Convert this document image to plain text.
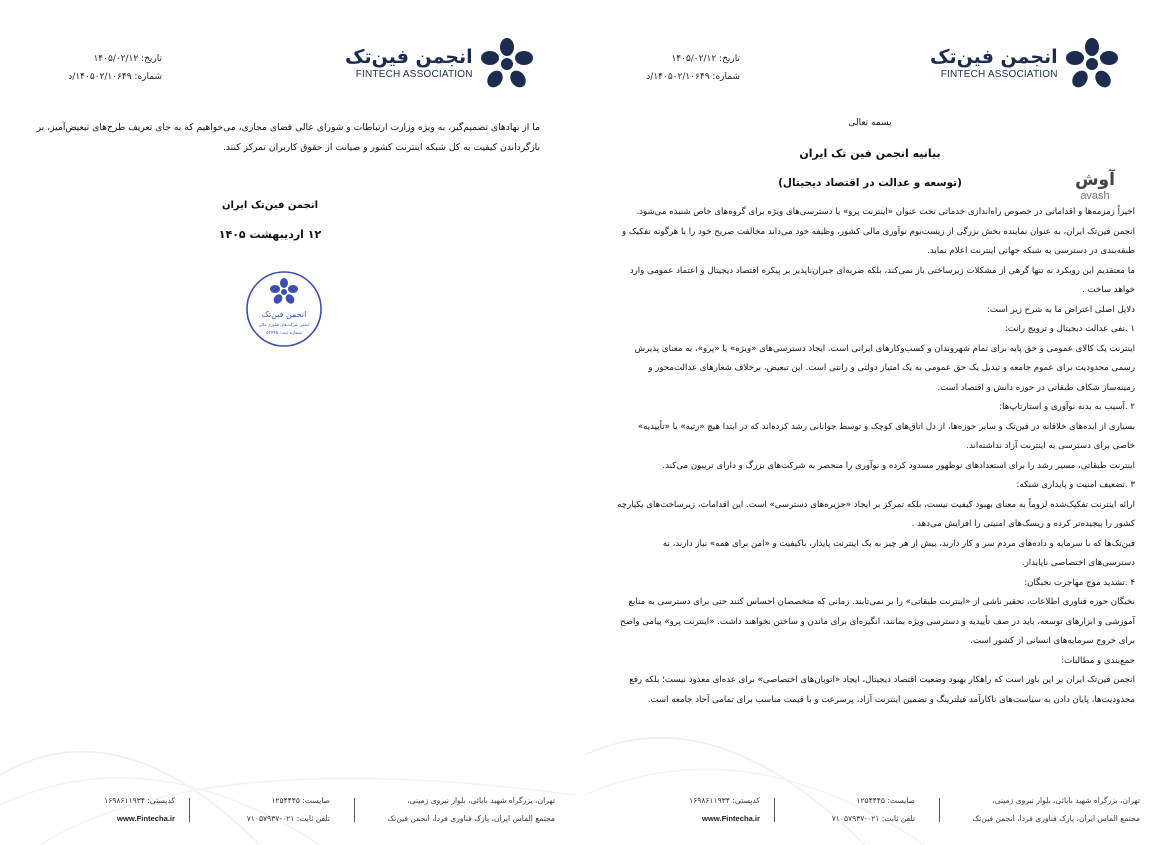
انجمن فین‌تک
FINTECH ASSOCIATION
تاریخ: ۱۴۰۵/۰۲/۱۲
شماره: ۱۴۰۵۰۲/۱۰۶۴۹/د
ما از نهادهای تصمیم‌گیر، به ویژه وزارت ارتباطات و شورای عالی فضای مجازی، می‌خواهیم که به جای تعریف طرح‌های تبعیض‌آمیز، بر بازگرداندن کیفیت به کل شبکه اینترنت کشور و صیانت از حقوق کاربران تمرکز کنند.
انجمن فین‌تک ایران
۱۲ اردیبهشت ۱۴۰۵
انجمن فین‌تک
انجمن شرکت‌های فناوری مالی
شماره ثبت: ۵۳۴۴۵
تهران، بزرگراه شهید بابائی، بلوار نیروی زمینی،
مجتمع الماس ایران، پارک فناوری فردا، انجمن فین‌تک
صایست: ۱۲۵۴۴۴۵
تلفن ثابت: ۰۲۱-۷۱۰۵۷۹۳۷
کدپستی: ۱۶۹۸۶۱۱۹۳۴
www.Fintecha.ir
انجمن فین‌تک
FINTECH ASSOCIATION
تاریخ: ۱۴۰۵/۰۲/۱۲
شماره: ۱۴۰۵۰۲/۱۰۶۴۹/د
بسمه تعالی
بیانیه انجمن فین تک ایران
(توسعه و عدالت در اقتصاد دیجیتال)	آوش
avash

اخیراً زمزمه‌ها و اقداماتی در خصوص راه‌اندازی خدماتی تحت عنوان «اینترنت پرو» یا دسترسی‌های ویژه برای گروه‌های خاص شنیده می‌شود.

انجمن فین‌تک ایران، به عنوان نماینده بخش بزرگی از زیست‌بوم نوآوری مالی کشور، وظیفه خود می‌داند مخالفت صریح خود را با هرگونه تفکیک و طبقه‌بندی در دسترسی به شبکه جهانی اینترنت اعلام نماید.

ما معتقدیم این رویکرد نه تنها گرهی از مشکلات زیرساختی باز نمی‌کند، بلکه ضربه‌ای جبران‌ناپذیر بر پیکره اقتصاد دیجیتال و اعتماد عمومی وارد خواهد ساخت .

دلایل اصلی اعتراض ما به شرح زیر است:

۱ .نفی عدالت دیجیتال و ترویج رانت:

اینترنت یک کالای عمومی و حق پایه برای تمام شهروندان و کسب‌وکارهای ایرانی است. ایجاد دسترسی‌های «ویژه» یا «پرو»، به معنای پذیرش رسمی محدودیت برای عموم جامعه و تبدیل یک حق عمومی به یک امتیاز دولتی و رانتی است. این تبعیض، برخلاف شعارهای عدالت‌محور و زمینه‌ساز شکاف طبقاتی در حوزه دانش و اقتصاد است.

۲ .آسیب به بدنه نوآوری و استارتاپ‌ها:

بسیاری از ایده‌های خلاقانه در فین‌تک و سایر حوزه‌ها، از دل اتاق‌های کوچک و توسط جوانانی رشد کرده‌اند که در ابتدا هیچ «رتبه» یا «تأییدیه» خاصی برای دسترسی به اینترنت آزاد نداشته‌اند.

اینترنت طبقاتی، مسیر رشد را برای استعدادهای نوظهور مسدود کرده و نوآوری را منحصر به شرکت‌های بزرگ و دارای تریبون می‌کند.

۳ .تضعیف امنیت و پایداری شبکه:

ارائه اینترنت تفکیک‌شده لزوماً به معنای بهبود کیفیت نیست، بلکه تمرکز بر ایجاد «جزیره‌های دسترسی» است. این اقدامات، زیرساخت‌های یکپارچه کشور را پیچیده‌تر کرده و ریسک‌های امنیتی را افزایش می‌دهد .

فین‌تک‌ها که با سرمایه و داده‌های مردم سر و کار دارند، بیش از هر چیز به یک اینترنت پایدار، باکیفیت و «امن برای همه» نیاز دارند، نه دسترسی‌های اختصاصی ناپایدار.

۴ .تشدید موج مهاجرت نخبگان:

نخبگان حوزه فناوری اطلاعات، تحقیر ناشی از «اینترنت طبقاتی» را بر نمی‌تابند. زمانی که متخصصان احساس کنند حتی برای دسترسی به منابع آموزشی و ابزارهای توسعه، باید در صف تأییدیه و دسترسی ویژه بمانند، انگیزه‌ای برای ماندن و ساختن نخواهند داشت. «اینترنت پرو» پیامی واضح برای خروج سرمایه‌های انسانی از کشور است.

جمع‌بندی و مطالبات:

انجمن فین‌تک ایران بر این باور است که راهکار بهبود وضعیت اقتصاد دیجیتال، ایجاد «اتوبان‌های اختصاصی» برای عده‌ای معدود نیست؛ بلکه رفع محدودیت‌ها، پایان دادن به سیاست‌های ناکارآمد فیلترینگ و تضمین اینترنت آزاد، پرسرعت و با قیمت مناسب برای تمامی آحاد جامعه است.

تهران، بزرگراه شهید بابائی، بلوار نیروی زمینی،
مجتمع الماس ایران، پارک فناوری فردا، انجمن فین‌تک
صایست: ۱۲۵۴۴۴۵
تلفن ثابت: ۰۲۱-۷۱۰۵۷۹۳۷
کدپستی: ۱۶۹۸۶۱۱۹۳۴
www.Fintecha.ir
